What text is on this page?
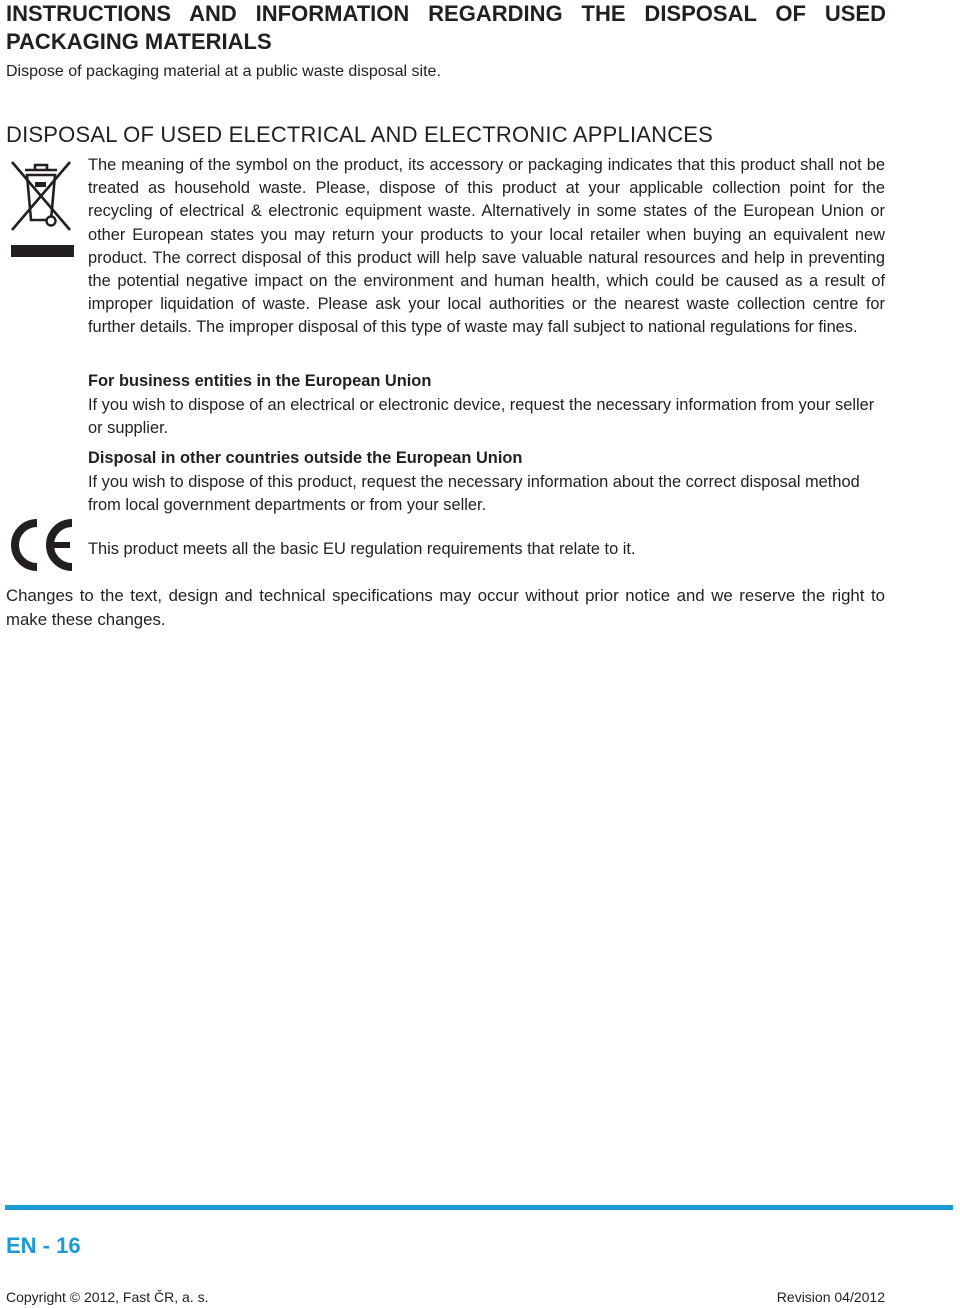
INSTRUCTIONS AND INFORMATION REGARDING THE DISPOSAL OF USED PACKAGING MATERIALS
Dispose of packaging material at a public waste disposal site.
DISPOSAL OF USED ELECTRICAL AND ELECTRONIC APPLIANCES

The meaning of the symbol on the product, its accessory or packaging indicates that this product shall not be treated as household waste. Please, dispose of this product at your applicable collection point for the recycling of electrical & electronic equipment waste. Alternatively in some states of the European Union or other European states you may return your products to your local retailer when buying an equivalent new product. The correct disposal of this product will help save valuable natural resources and help in preventing the potential negative impact on the environment and human health, which could be caused as a result of improper liquidation of waste. Please ask your local authorities or the nearest waste collection centre for further details. The improper disposal of this type of waste may fall subject to national regulations for fines.

For business entities in the European Union

If you wish to dispose of an electrical or electronic device, request the necessary information from your seller or supplier.

Disposal in other countries outside the European Union

If you wish to dispose of this product, request the necessary information about the correct disposal method from local government departments or from your seller.

This product meets all the basic EU regulation requirements that relate to it.

Changes to the text, design and technical specifications may occur without prior notice and we reserve the right to make these changes.

EN - 16
Copyright © 2012, Fast ČR, a. s.	Revision 04/2012
